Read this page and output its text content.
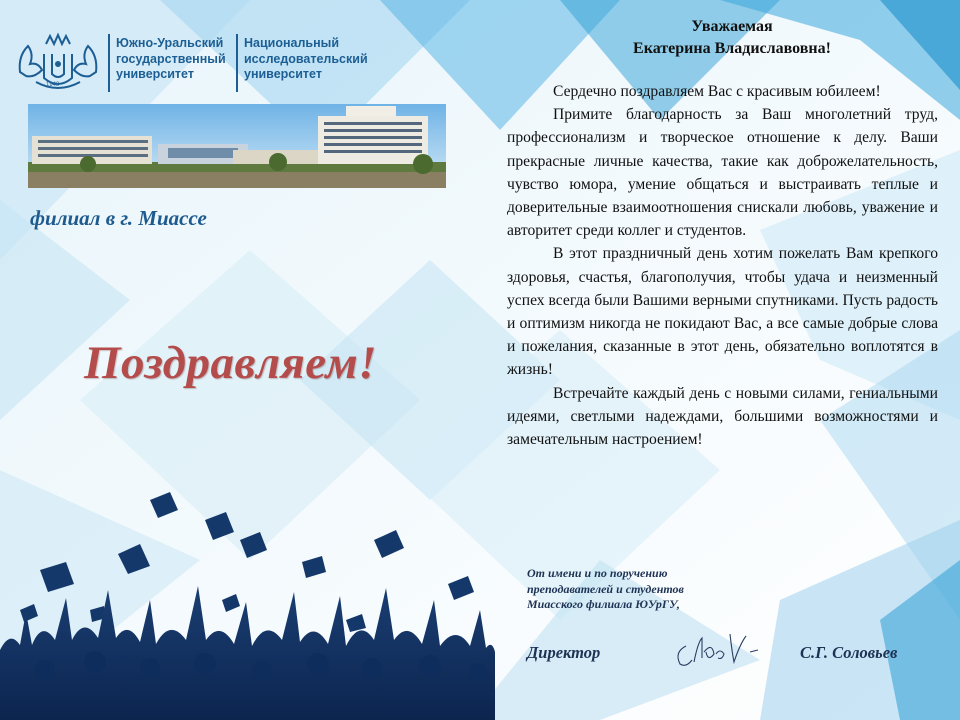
1943
Южно-Уральский
государственный
университет
Национальный
исследовательский
университет
филиал в г. Миассе
Поздравляем!
Уважаемая
Екатерина Владиславовна!

Сердечно поздравляем Вас с красивым юбилеем!

Примите благодарность за Ваш многолетний труд, профессионализм и творческое отношение к делу. Ваши прекрасные личные качества, такие как доброжелательность, чувство юмора, умение общаться и выстраивать теплые и доверительные взаимоотношения снискали любовь, уважение и авторитет среди коллег и студентов.

В этот праздничный день хотим пожелать Вам крепкого здоровья, счастья, благополучия, чтобы удача и неизменный успех всегда были Вашими верными спутниками. Пусть радость и оптимизм никогда не покидают Вас, а все самые добрые слова и пожелания, сказанные в этот день, обязательно воплотятся в жизнь!

Встречайте каждый день с новыми силами, гениальными идеями, светлыми надеждами, большими возможностями и замечательным настроением!

От имени и по поручению
преподавателей и студентов
Миасского филиала ЮУрГУ,
Директор	С.Г. Соловьев
